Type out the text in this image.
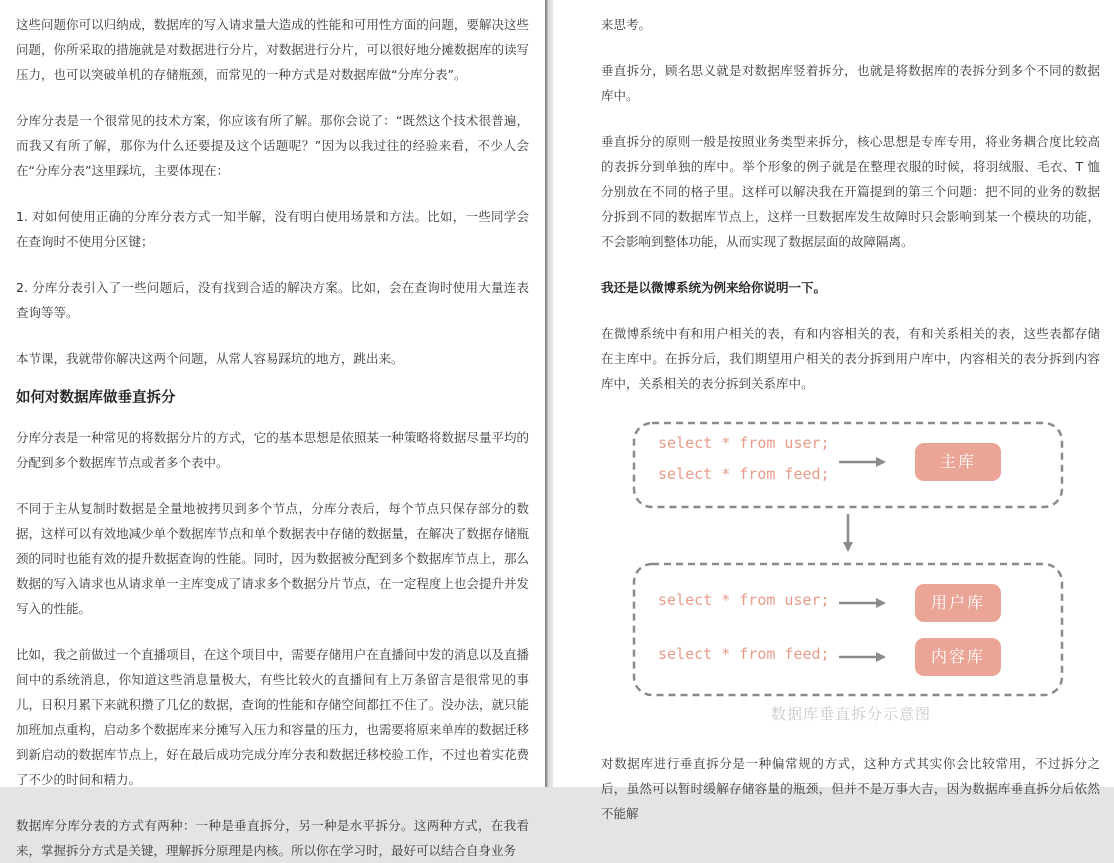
这些问题你可以归纳成，数据库的写入请求量大造成的性能和可用性方面的问题，要解决这些问题，你所采取的措施就是对数据进行分片，对数据进行分片，可以很好地分摊数据库的读写压力，也可以突破单机的存储瓶颈，而常见的一种方式是对数据库做“分库分表”。

分库分表是一个很常见的技术方案，你应该有所了解。那你会说了：“既然这个技术很普遍，而我又有所了解，那你为什么还要提及这个话题呢？”因为以我过往的经验来看，不少人会在“分库分表”这里踩坑，主要体现在：

1. 对如何使用正确的分库分表方式一知半解，没有明白使用场景和方法。比如，一些同学会在查询时不使用分区键；

2. 分库分表引入了一些问题后，没有找到合适的解决方案。比如，会在查询时使用大量连表查询等等。

本节课，我就带你解决这两个问题，从常人容易踩坑的地方，跳出来。

如何对数据库做垂直拆分

分库分表是一种常见的将数据分片的方式，它的基本思想是依照某一种策略将数据尽量平均的分配到多个数据库节点或者多个表中。

不同于主从复制时数据是全量地被拷贝到多个节点，分库分表后，每个节点只保存部分的数据，这样可以有效地减少单个数据库节点和单个数据表中存储的数据量，在解决了数据存储瓶颈的同时也能有效的提升数据查询的性能。同时，因为数据被分配到多个数据库节点上，那么数据的写入请求也从请求单一主库变成了请求多个数据分片节点，在一定程度上也会提升并发写入的性能。

比如，我之前做过一个直播项目，在这个项目中，需要存储用户在直播间中发的消息以及直播间中的系统消息，你知道这些消息量极大，有些比较火的直播间有上万条留言是很常见的事儿，日积月累下来就积攒了几亿的数据，查询的性能和存储空间都扛不住了。没办法，就只能加班加点重构，启动多个数据库来分摊写入压力和容量的压力，也需要将原来单库的数据迁移到新启动的数据库节点上，好在最后成功完成分库分表和数据迁移校验工作，不过也着实花费了不少的时间和精力。

数据库分库分表的方式有两种：一种是垂直拆分，另一种是水平拆分。这两种方式，在我看来，掌握拆分方式是关键，理解拆分原理是内核。所以你在学习时，最好可以结合自身业务

来思考。

垂直拆分，顾名思义就是对数据库竖着拆分，也就是将数据库的表拆分到多个不同的数据库中。

垂直拆分的原则一般是按照业务类型来拆分，核心思想是专库专用，将业务耦合度比较高的表拆分到单独的库中。举个形象的例子就是在整理衣服的时候，将羽绒服、毛衣、T 恤分别放在不同的格子里。这样可以解决我在开篇提到的第三个问题：把不同的业务的数据分拆到不同的数据库节点上，这样一旦数据库发生故障时只会影响到某一个模块的功能，不会影响到整体功能，从而实现了数据层面的故障隔离。

我还是以微博系统为例来给你说明一下。

在微博系统中有和用户相关的表，有和内容相关的表，有和关系相关的表，这些表都存储在主库中。在拆分后，我们期望用户相关的表分拆到用户库中，内容相关的表分拆到内容库中，关系相关的表分拆到关系库中。

select * from user;
select * from feed;
主库
select * from user;	用户库
select * from feed;	内容库
数据库垂直拆分示意图

对数据库进行垂直拆分是一种偏常规的方式，这种方式其实你会比较常用，不过拆分之后，虽然可以暂时缓解存储容量的瓶颈，但并不是万事大吉，因为数据库垂直拆分后依然不能解
